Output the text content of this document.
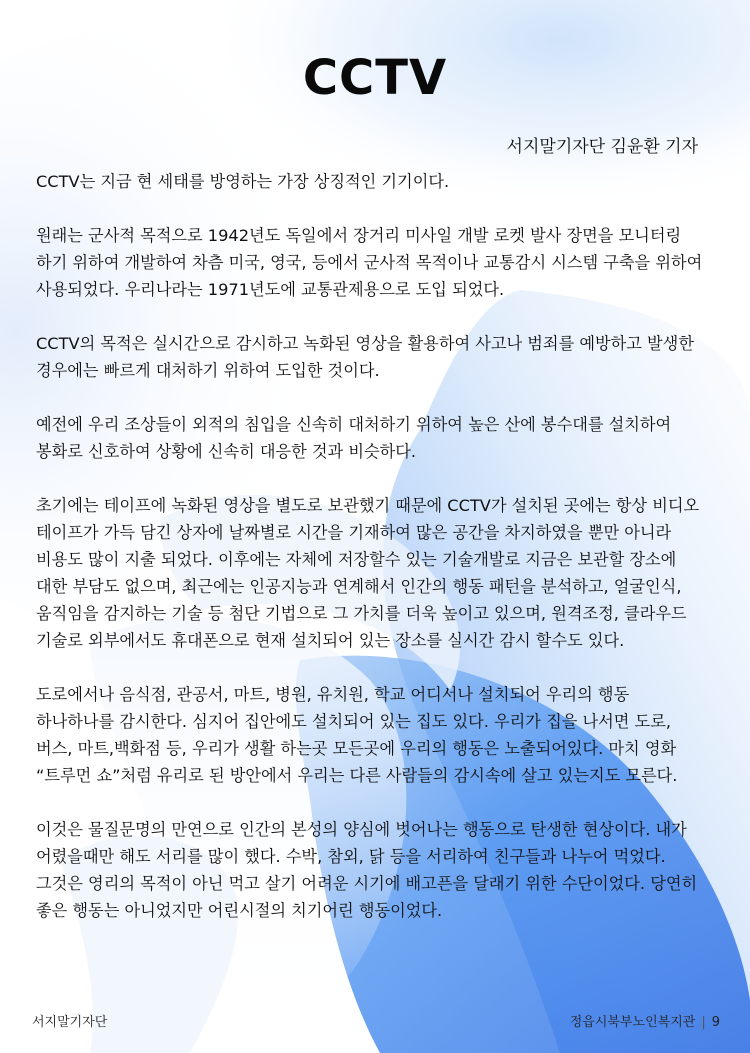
CCTV
서지말기자단 김윤환 기자

CCTV는 지금 현 세태를 방영하는 가장 상징적인 기기이다.

원래는 군사적 목적으로 1942년도 독일에서 장거리 미사일 개발 로켓 발사 장면을 모니터링 하기 위하여 개발하여 차츰 미국, 영국, 등에서 군사적 목적이나 교통감시 시스템 구축을 위하여 사용되었다. 우리나라는 1971년도에 교통관제용으로 도입 되었다.

CCTV의 목적은 실시간으로 감시하고 녹화된 영상을 활용하여 사고나 범죄를 예방하고 발생한 경우에는 빠르게 대처하기 위하여 도입한 것이다.

예전에 우리 조상들이 외적의 침입을 신속히 대처하기 위하여 높은 산에 봉수대를 설치하여 봉화로 신호하여 상황에 신속히 대응한 것과 비슷하다.

초기에는 테이프에 녹화된 영상을 별도로 보관했기 때문에 CCTV가 설치된 곳에는 항상 비디오 테이프가 가득 담긴 상자에 날짜별로 시간을 기재하여 많은 공간을 차지하였을 뿐만 아니라 비용도 많이 지출 되었다. 이후에는 자체에 저장할수 있는 기술개발로 지금은 보관할 장소에 대한 부담도 없으며, 최근에는 인공지능과 연계해서 인간의 행동 패턴을 분석하고, 얼굴인식,움직임을 감지하는 기술 등 첨단 기법으로 그 가치를 더욱 높이고 있으며, 원격조정, 클라우드 기술로 외부에서도 휴대폰으로 현재 설치되어 있는 장소를 실시간 감시 할수도 있다.

도로에서나 음식점, 관공서, 마트, 병원, 유치원, 학교 어디서나 설치되어 우리의 행동 하나하나를 감시한다. 심지어 집안에도 설치되어 있는 집도 있다. 우리가 집을 나서면 도로, 버스, 마트,백화점 등, 우리가 생활 하는곳 모든곳에 우리의 행동은 노출되어있다. 마치 영화 “트루먼 쇼”처럼 유리로 된 방안에서 우리는 다른 사람들의 감시속에 살고 있는지도 모른다.

이것은 물질문명의 만연으로 인간의 본성의 양심에 벗어나는 행동으로 탄생한 현상이다. 내가 어렸을때만 해도 서리를 많이 했다. 수박, 참외, 닭 등을 서리하여 친구들과 나누어 먹었다. 그것은 영리의 목적이 아닌 먹고 살기 어려운 시기에 배고픈을 달래기 위한 수단이었다. 당연히 좋은 행동는 아니었지만 어린시절의 치기어린 행동이었다.

서지말기자단	정읍시북부노인복지관 | 9
